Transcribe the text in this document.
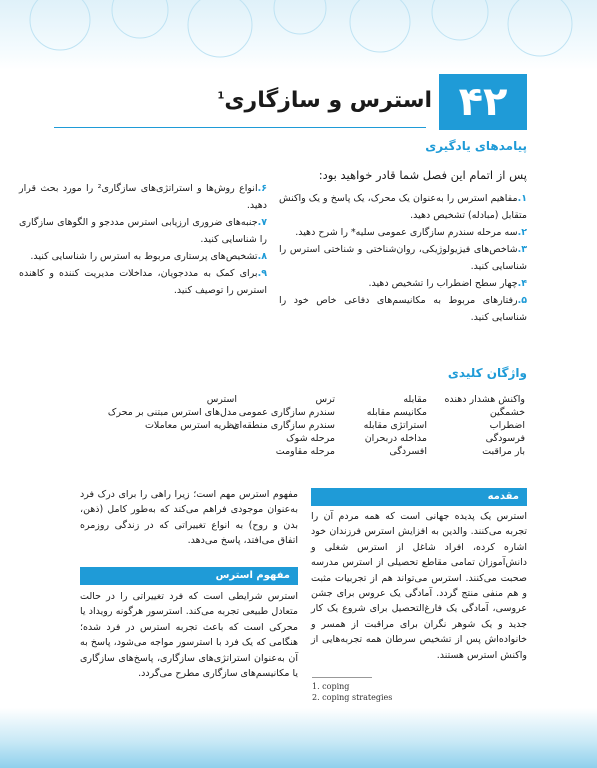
۴۲
استرس و سازگاری$^1$
پیامدهای یادگیری
پس از اتمام این فصل شما قادر خواهید بود:

۱.مفاهیم استرس را به‌عنوان یک محرک، یک پاسخ و یک واکنش متقابل (مبادله) تشخیص دهید.

۲.سه مرحله سندرم سازگاری عمومی سلیه* را شرح دهید.

۳.شاخص‌های فیزیولوژیکی، روان‌شناختی و شناختی استرس را شناسایی کنید.

۴.چهار سطح اضطراب را تشخیص دهید.

۵.رفتارهای مربوط به مکانیسم‌های دفاعی خاص خود را شناسایی کنید.

۶.انواع روش‌ها و استراتژی‌های سازگاری² را مورد بحث قرار دهید.

۷.جنبه‌های ضروری ارزیابی استرس مددجو و الگوهای سازگاری را شناسایی کنید.

۸.تشخیص‌های پرستاری مربوط به استرس را شناسایی کنید.

۹.برای کمک به مددجویان، مداخلات مدیریت کننده و کاهنده استرس را توصیف کنید.

واژگان کلیدی
واکنش هشدار دهنده
خشمگین
اضطراب
فرسودگی
بار مراقبت
مقابله
مکانیسم مقابله
استراتژی مقابله
مداخله دربحران
افسردگی
ترس
سندرم سازگاری عمومی
سندرم سازگاری منطقه‌ای
مرحله شوک
مرحله مقاومت
استرس
مدل‌های استرس مبتنی بر محرک
نظریه استرس معاملات
مقدمه

استرس یک پدیده جهانی است که همه مردم آن را تجربه می‌کنند. والدین به افزایش استرس فرزندان خود اشاره کرده، افراد شاغل از استرس شغلی و دانش‌آموزان تمامی مقاطع تحصیلی از استرس مدرسه صحبت می‌کنند. استرس می‌تواند هم از تجربیات مثبت و هم منفی منتج گردد. آمادگی یک عروس برای جشن عروسی، آمادگی یک فارغ‌التحصیل برای شروع یک کار جدید و یک شوهر نگران برای مراقبت از همسر و خانواده‌اش پس از تشخیص سرطان همه تجربه‌هایی از واکنش استرس هستند.

مفهوم استرس مهم است؛ زیرا راهی را برای درک فرد به‌عنوان موجودی فراهم می‌کند که به‌طور کامل (ذهن، بدن و روح) به انواع تغییراتی که در زندگی روزمره اتفاق می‌افتد، پاسخ می‌دهد.

مفهوم استرس

استرس شرایطی است که فرد تغییراتی را در حالت متعادل طبیعی تجربه می‌کند. استرسور هرگونه رویداد یا محرکی است که باعث تجربه استرس در فرد شده؛ هنگامی که یک فرد با استرسور مواجه می‌شود، پاسخ به آن به‌عنوان استراتژی‌های سازگاری، پاسخ‌های سازگاری یا مکانیسم‌های سازگاری مطرح می‌گردد.

1. coping
2. coping strategies
